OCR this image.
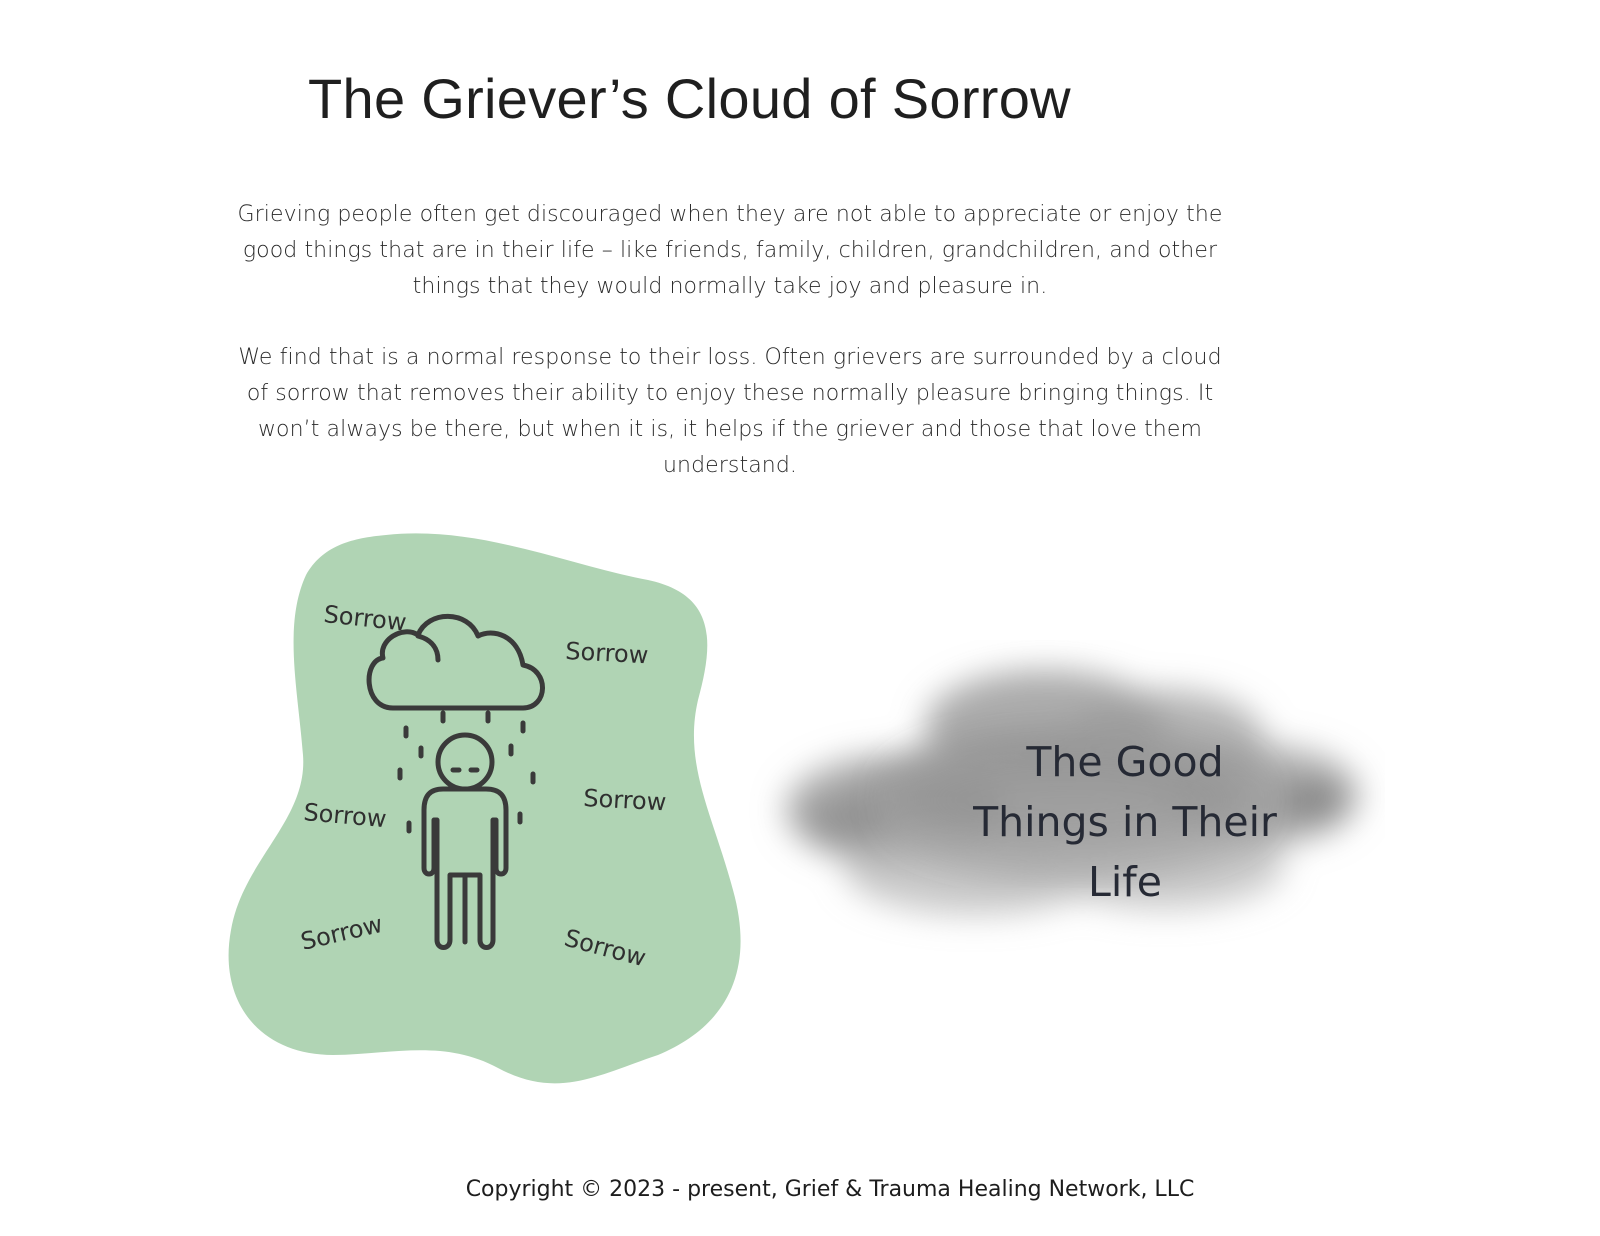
The Griever’s Cloud of Sorrow

Grieving people often get discouraged when they are not able to appreciate or enjoy the good things that are in their life – like friends, family, children, grandchildren, and other things that they would normally take joy and pleasure in.

We find that is a normal response to their loss. Often grievers are surrounded by a cloud of sorrow that removes their ability to enjoy these normally pleasure bringing things. It won’t always be there, but when it is, it helps if the griever and those that love them understand.

Sorrow
Sorrow
Sorrow	Sorrow
Sorrow	Sorrow
The Good
Things in Their
Life

Copyright © 2023 - present, Grief & Trauma Healing Network, LLC
